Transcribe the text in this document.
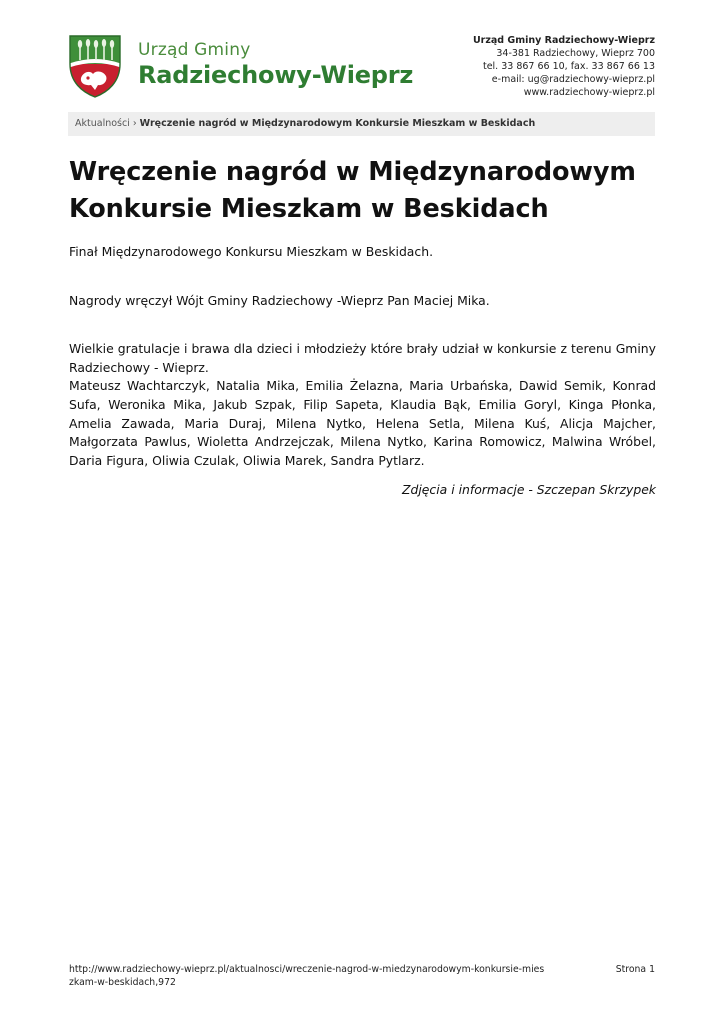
Urząd Gminy
Radziechowy-Wieprz
Urząd Gminy Radziechowy-Wieprz
34-381 Radziechowy, Wieprz 700
tel. 33 867 66 10, fax. 33 867 66 13
e-mail: ug@radziechowy-wieprz.pl
www.radziechowy-wieprz.pl
Aktualności › Wręczenie nagród w Międzynarodowym Konkursie Mieszkam w Beskidach
Wręczenie nagród w Międzynarodowym Konkursie Mieszkam w Beskidach

Finał Międzynarodowego Konkursu Mieszkam w Beskidach.

Nagrody wręczył Wójt Gminy Radziechowy -Wieprz Pan Maciej Mika.

Wielkie gratulacje i brawa dla dzieci i młodzieży które brały udział w konkursie z terenu Gminy Radziechowy - Wieprz.

Mateusz Wachtarczyk, Natalia Mika, Emilia Żelazna, Maria Urbańska, Dawid Semik, Konrad Sufa, Weronika Mika, Jakub Szpak, Filip Sapeta, Klaudia Bąk, Emilia Goryl, Kinga Płonka, Amelia Zawada, Maria Duraj, Milena Nytko, Helena Setla, Milena Kuś, Alicja Majcher, Małgorzata Pawlus, Wioletta Andrzejczak, Milena Nytko, Karina Romowicz, Malwina Wróbel, Daria Figura, Oliwia Czulak, Oliwia Marek, Sandra Pytlarz.

Zdjęcia i informacje - Szczepan Skrzypek

http://www.radziechowy-wieprz.pl/aktualnosci/wreczenie-nagrod-w-miedzynarodowym-konkursie-mieszkam-w-beskidach,972
Strona 1
